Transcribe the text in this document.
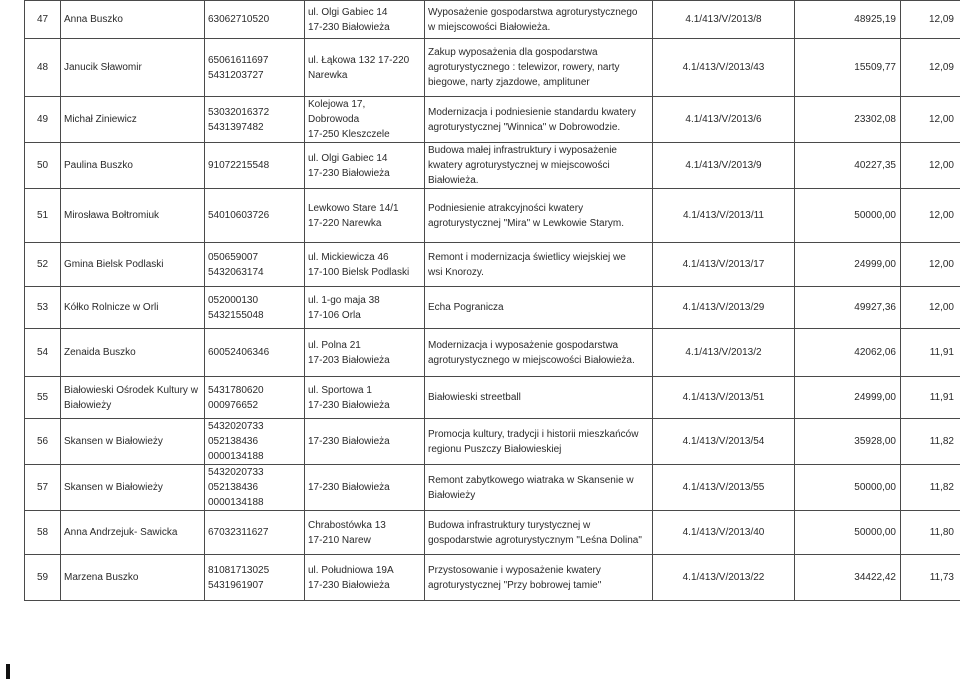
47	Anna Buszko	63062710520	ul. Olgi Gabiec 14
17-230 Białowieża	Wyposażenie gospodarstwa agroturystycznego
w miejscowości Białowieża.	4.1/413/V/2013/8	48925,19	12,09
48	Janucik Sławomir	65061611697
5431203727	ul. Łąkowa 132 17-220
Narewka	Zakup wyposażenia dla gospodarstwa
agroturystycznego : telewizor, rowery, narty
biegowe, narty zjazdowe, amplituner	4.1/413/V/2013/43	15509,77	12,09
49	Michał Ziniewicz	53032016372
5431397482	Kolejowa 17,
Dobrowoda
17-250 Kleszczele	Modernizacja i podniesienie standardu kwatery
agroturystycznej "Winnica" w Dobrowodzie.	4.1/413/V/2013/6	23302,08	12,00
50	Paulina Buszko	91072215548	ul. Olgi Gabiec 14
17-230 Białowieża	Budowa małej infrastruktury i wyposażenie
kwatery agroturystycznej w miejscowości
Białowieża.	4.1/413/V/2013/9	40227,35	12,00
51	Mirosława Bołtromiuk	54010603726	Lewkowo Stare 14/1
17-220 Narewka	Podniesienie atrakcyjności kwatery
agroturystycznej "Mira" w Lewkowie Starym.	4.1/413/V/2013/11	50000,00	12,00
52	Gmina Bielsk Podlaski	050659007
5432063174	ul. Mickiewicza 46
17-100 Bielsk Podlaski	Remont i modernizacja świetlicy wiejskiej we
wsi Knorozy.	4.1/413/V/2013/17	24999,00	12,00
53	Kółko Rolnicze w Orli	052000130
5432155048	ul. 1-go maja 38
17-106 Orla	Echa Pogranicza	4.1/413/V/2013/29	49927,36	12,00
54	Zenaida Buszko	60052406346	ul. Polna 21
17-203 Białowieża	Modernizacja i wyposażenie gospodarstwa
agroturystycznego w miejscowości Białowieża.	4.1/413/V/2013/2	42062,06	11,91
55	Białowieski Ośrodek Kultury w
Białowieży	5431780620
000976652	ul. Sportowa 1
17-230 Białowieża	Białowieski streetball	4.1/413/V/2013/51	24999,00	11,91
56	Skansen w Białowieży	5432020733
052138436
0000134188	17-230 Białowieża	Promocja kultury, tradycji i historii mieszkańców
regionu Puszczy Białowieskiej	4.1/413/V/2013/54	35928,00	11,82
57	Skansen w Białowieży	5432020733
052138436
0000134188	17-230 Białowieża	Remont zabytkowego wiatraka w Skansenie w
Białowieży	4.1/413/V/2013/55	50000,00	11,82
58	Anna Andrzejuk- Sawicka	67032311627	Chrabostówka 13
17-210 Narew	Budowa infrastruktury turystycznej w
gospodarstwie agroturystycznym "Leśna Dolina"	4.1/413/V/2013/40	50000,00	11,80
59	Marzena Buszko	81081713025
5431961907	ul. Południowa 19A
17-230 Białowieża	Przystosowanie i wyposażenie kwatery
agroturystycznej "Przy bobrowej tamie"	4.1/413/V/2013/22	34422,42	11,73
